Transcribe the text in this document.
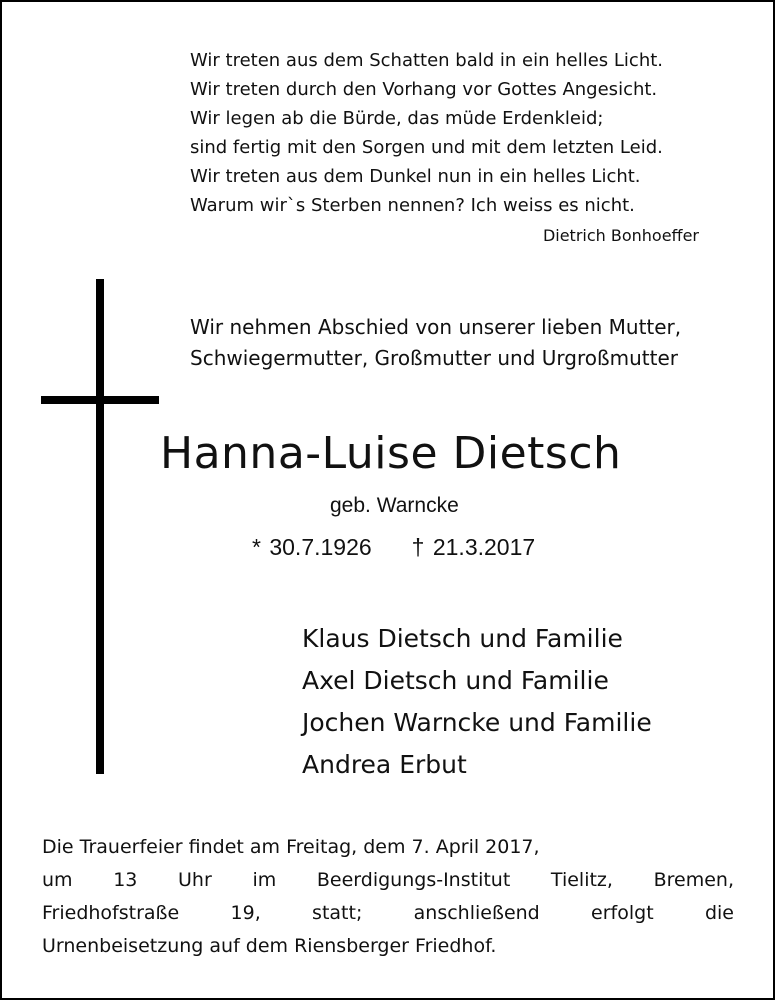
Wir treten aus dem Schatten bald in ein helles Licht.
Wir treten durch den Vorhang vor Gottes Angesicht.
Wir legen ab die Bürde, das müde Erdenkleid;
sind fertig mit den Sorgen und mit dem letzten Leid.
Wir treten aus dem Dunkel nun in ein helles Licht.
Warum wir`s Sterben nennen? Ich weiss es nicht.
Dietrich Bonhoeffer
Wir nehmen Abschied von unserer lieben Mutter,
Schwiegermutter, Großmutter und Urgroßmutter
Hanna-Luise Dietsch
geb. Warncke
* 30.7.1926 † 21.3.2017
Klaus Dietsch und Familie
Axel Dietsch und Familie
Jochen Warncke und Familie
Andrea Erbut
Die Trauerfeier findet am Freitag, dem 7. April 2017,
um 13 Uhr im Beerdigungs-Institut Tielitz, Bremen,
Friedhofstraße 19, statt; anschließend erfolgt die
Urnenbeisetzung auf dem Riensberger Friedhof.
